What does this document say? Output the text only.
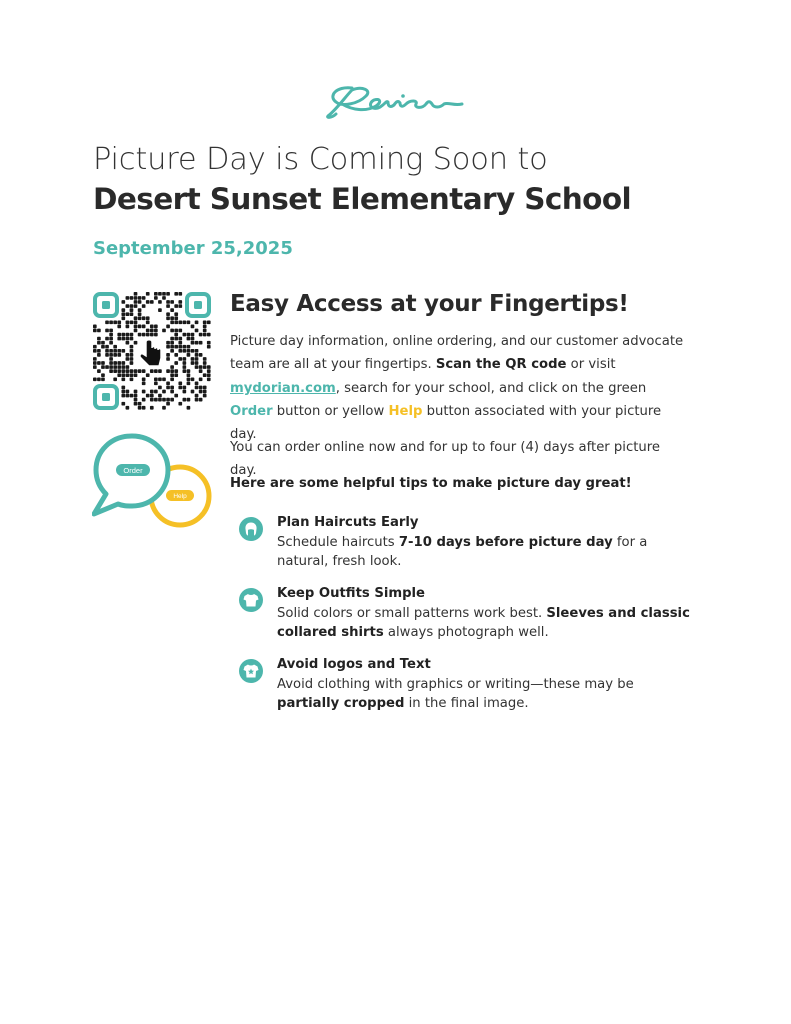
Picture Day is Coming Soon to
Desert Sunset Elementary School
September 25,2025
Order
Help
Easy Access at your Fingertips!
Picture day information, online ordering, and our customer advocate team are all at your fingertips. Scan the QR code or visit mydorian.com, search for your school, and click on the green Order button or yellow Help button associated with your picture day.
You can order online now and for up to four (4) days after picture day.
Here are some helpful tips to make picture day great!
Plan Haircuts Early
Schedule haircuts 7-10 days before picture day for a natural, fresh look.
Keep Outfits Simple
Solid colors or small patterns work best. Sleeves and classic collared shirts always photograph well.
Avoid logos and Text
Avoid clothing with graphics or writing—these may be partially cropped in the final image.
